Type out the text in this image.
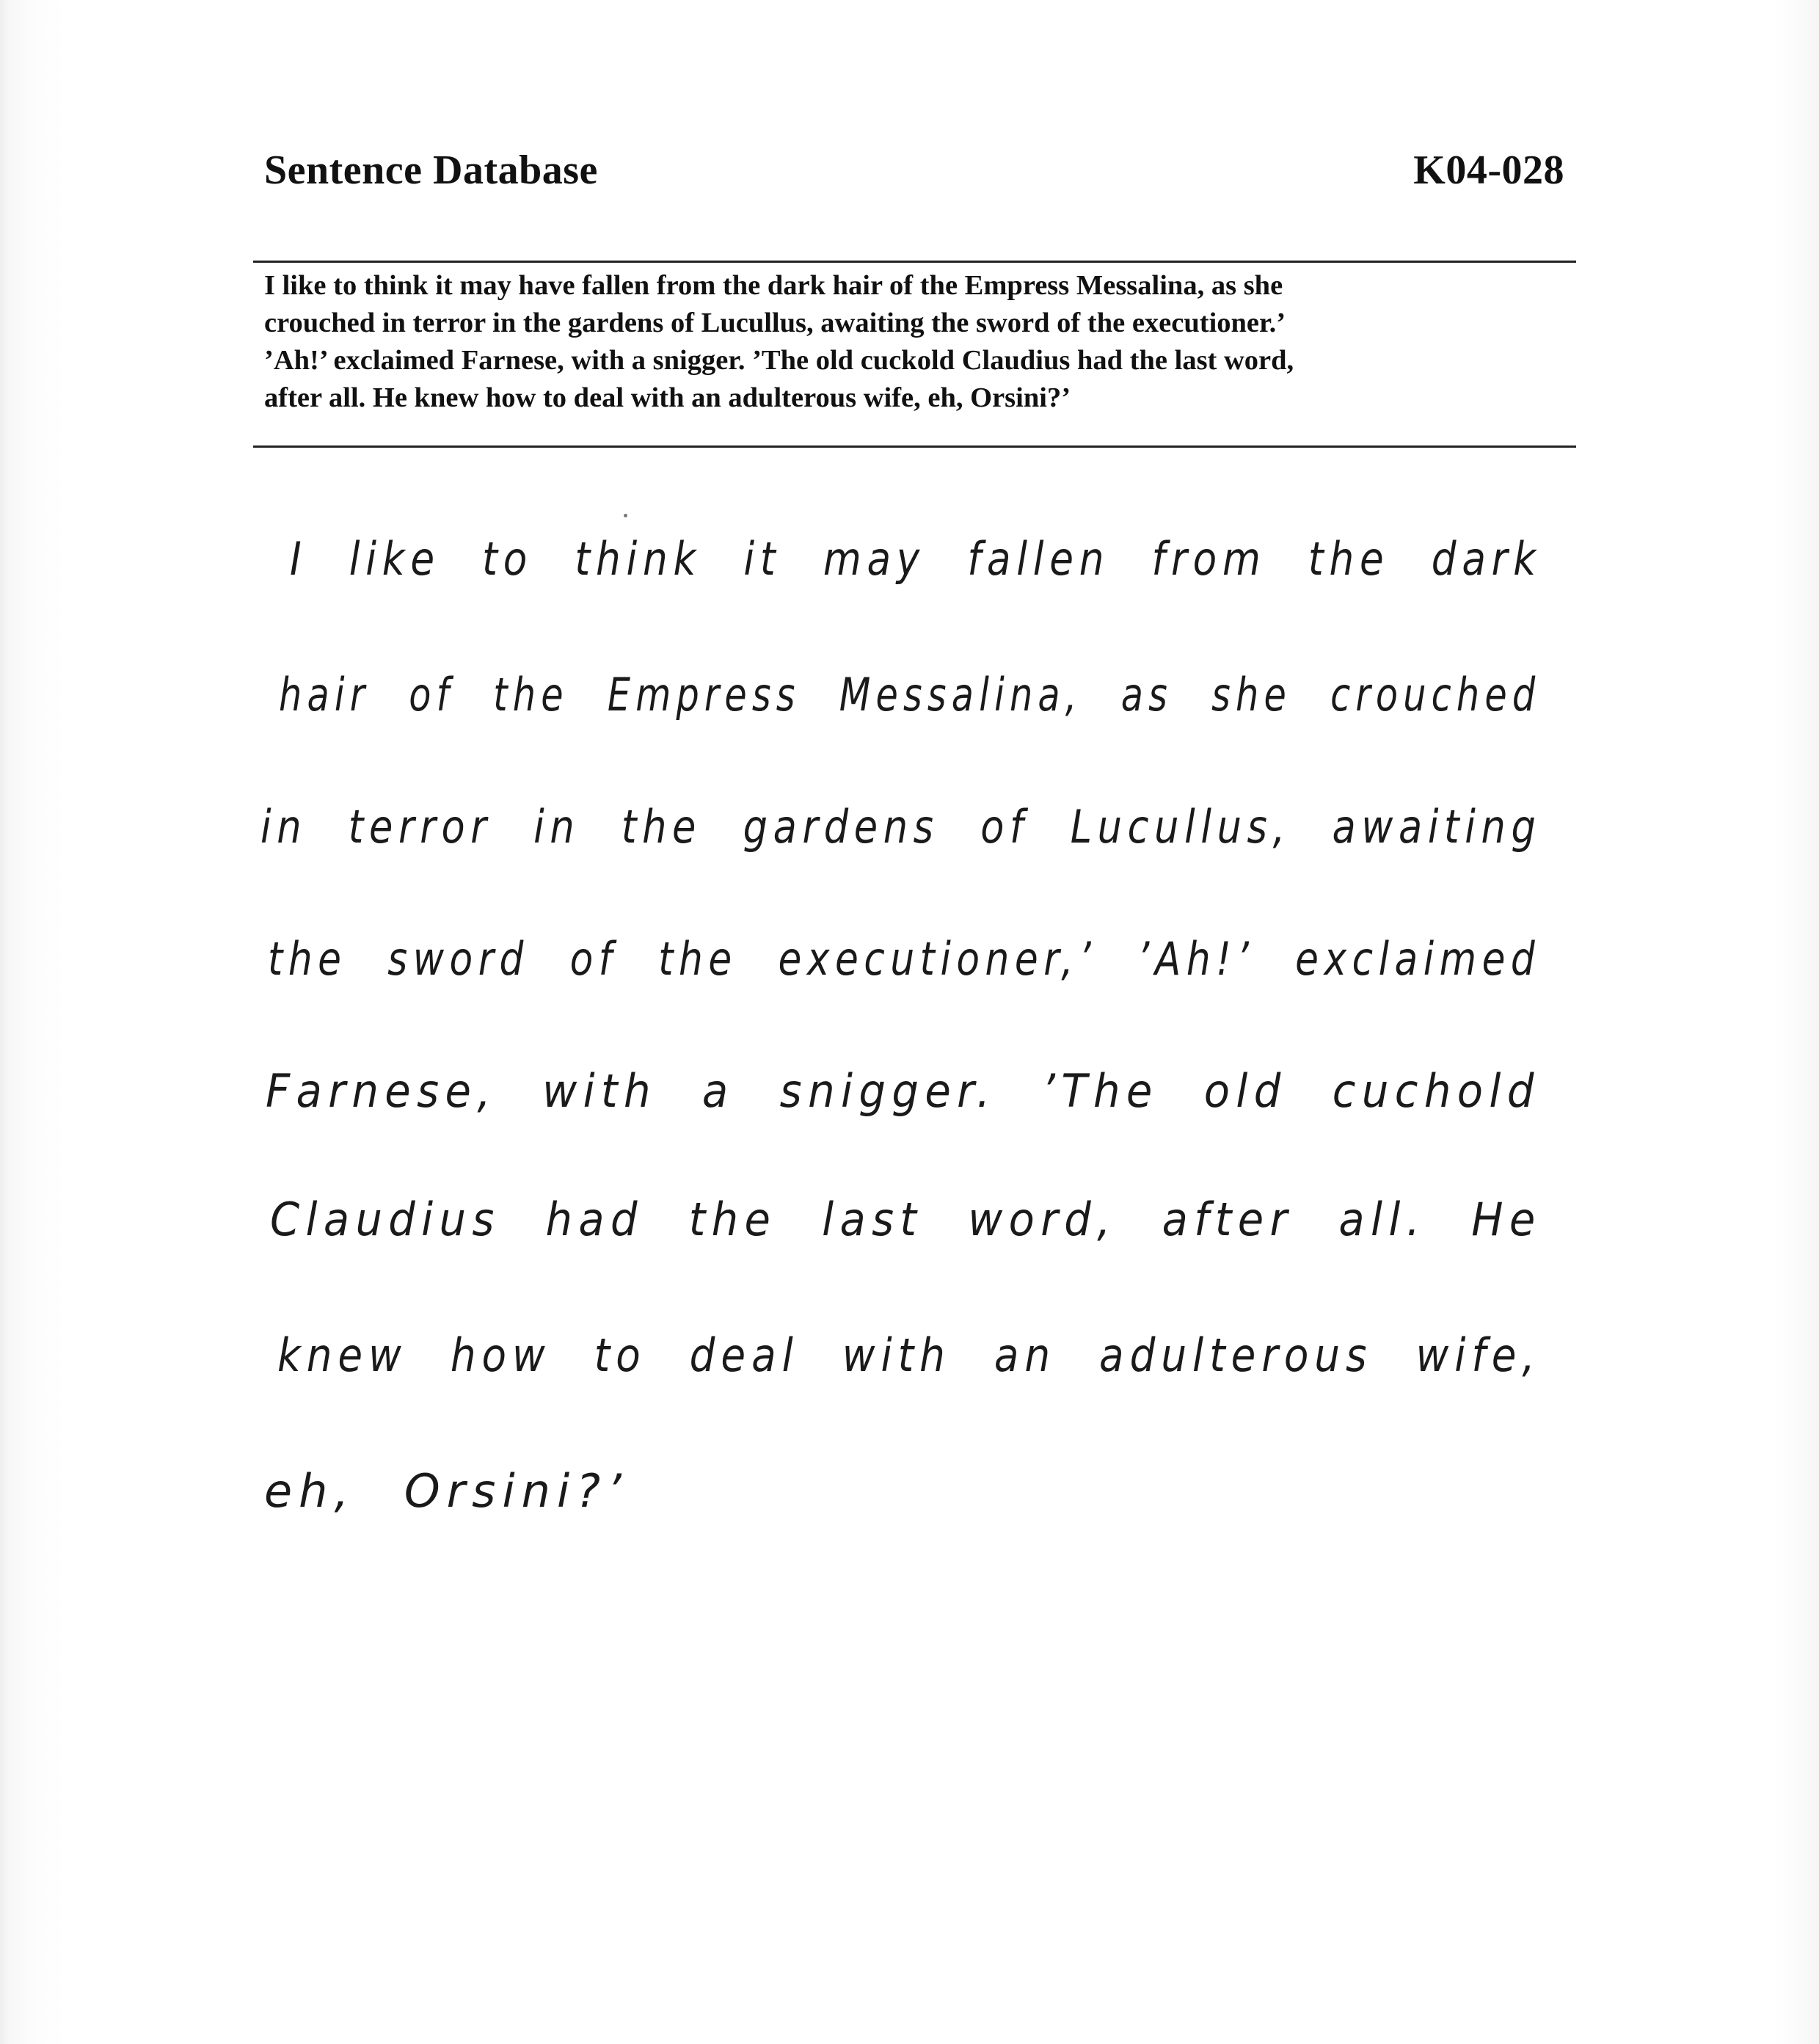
Sentence Database	K04-028
I like to think it may have fallen from the dark hair of the Empress Messalina, as she
crouched in terror in the gardens of Lucullus, awaiting the sword of the executioner.’
’Ah!’ exclaimed Farnese, with a snigger. ’The old cuckold Claudius had the last word,
after all. He knew how to deal with an adulterous wife, eh, Orsini?’
I like to think it may fallen from the dark
hair of the Empress Messalina, as she crouched
in terror in the gardens of Lucullus, awaiting
the sword of the executioner,’ ’Ah!’ exclaimed
Farnese, with a snigger. ’The old cuchold
Claudius had the last word, after all. He
knew how to deal with an adulterous wife,
eh, Orsini?’
